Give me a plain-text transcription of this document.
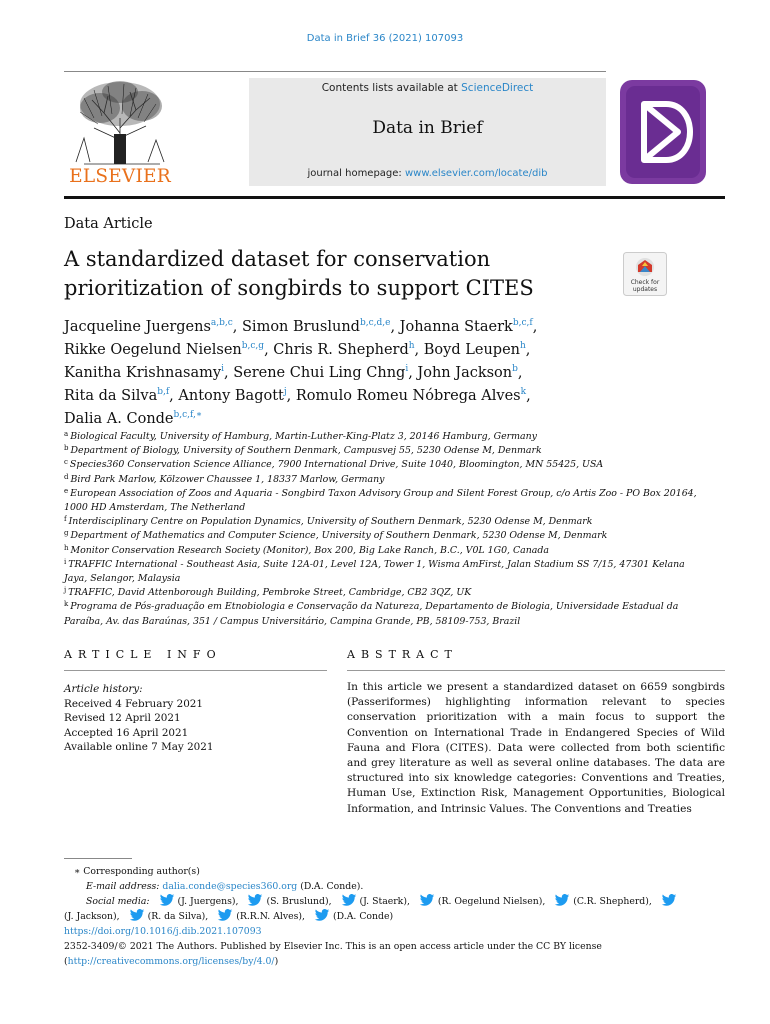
Data in Brief 36 (2021) 107093
ELSEVIER
Contents lists available at ScienceDirect
Data in Brief
journal homepage: www.elsevier.com/locate/dib
Data Article
A standardized dataset for conservation
prioritization of songbirds to support CITES	Check for
updates
Jacqueline Juergens$^{a,b,c}$, Simon Bruslund$^{b,c,d,e}$, Johanna Staerk$^{b,c,f}$,
Rikke Oegelund Nielsen$^{b,c,g}$, Chris R. Shepherd$^h$, Boyd Leupen$^h$,
Kanitha Krishnasamy$^i$, Serene Chui Ling Chng$^i$, John Jackson$^b$,
Rita da Silva$^{b,f}$, Antony Bagott$^j$, Romulo Romeu Nóbrega Alves$^k$,
Dalia A. Conde$^{b,c,f,∗}$
$^a$ Biological Faculty, University of Hamburg, Martin-Luther-King-Platz 3, 20146 Hamburg, Germany
$^b$ Department of Biology, University of Southern Denmark, Campusvej 55, 5230 Odense M, Denmark
$^c$ Species360 Conservation Science Alliance, 7900 International Drive, Suite 1040, Bloomington, MN 55425, USA
$^d$ Bird Park Marlow, Kölzower Chaussee 1, 18337 Marlow, Germany
$^e$ European Association of Zoos and Aquaria - Songbird Taxon Advisory Group and Silent Forest Group, c/o Artis Zoo - PO Box 20164, 1000 HD Amsterdam, The Netherland
$^f$ Interdisciplinary Centre on Population Dynamics, University of Southern Denmark, 5230 Odense M, Denmark
$^g$ Department of Mathematics and Computer Science, University of Southern Denmark, 5230 Odense M, Denmark
$^h$ Monitor Conservation Research Society (Monitor), Box 200, Big Lake Ranch, B.C., V0L 1G0, Canada
$^i$ TRAFFIC International - Southeast Asia, Suite 12A-01, Level 12A, Tower 1, Wisma AmFirst, Jalan Stadium SS 7/15, 47301 Kelana Jaya, Selangor, Malaysia
$^j$ TRAFFIC, David Attenborough Building, Pembroke Street, Cambridge, CB2 3QZ, UK
$^k$ Programa de Pós-graduação em Etnobiologia e Conservação da Natureza, Departamento de Biologia, Universidade Estadual da Paraíba, Av. das Baraúnas, 351 / Campus Universitário, Campina Grande, PB, 58109-753, Brazil
ARTICLE INFO	ABSTRACT
Article history:
Received 4 February 2021
Revised 12 April 2021
Accepted 16 April 2021
Available online 7 May 2021
In this article we present a standardized dataset on 6659 songbirds (Passeriformes) highlighting information relevant to species conservation prioritization with a main focus to support the Convention on International Trade in Endangered Species of Wild Fauna and Flora (CITES). Data were collected from both scientific and grey literature as well as several online databases. The data are structured into six knowledge categories: Conventions and Treaties, Human Use, Extinction Risk, Management Opportunities, Biological Information, and Intrinsic Values. The Conventions and Treaties
∗ Corresponding author(s)
E-mail address: dalia.conde@species360.org (D.A. Conde).
Social media:	(J. Juergens),	(S. Bruslund),	(J. Staerk),	(R. Oegelund Nielsen),	(C.R. Shepherd),
(J. Jackson),	(R. da Silva),	(R.R.N. Alves),	(D.A. Conde)
https://doi.org/10.1016/j.dib.2021.107093
2352-3409/© 2021 The Authors. Published by Elsevier Inc. This is an open access article under the CC BY license
(http://creativecommons.org/licenses/by/4.0/)
